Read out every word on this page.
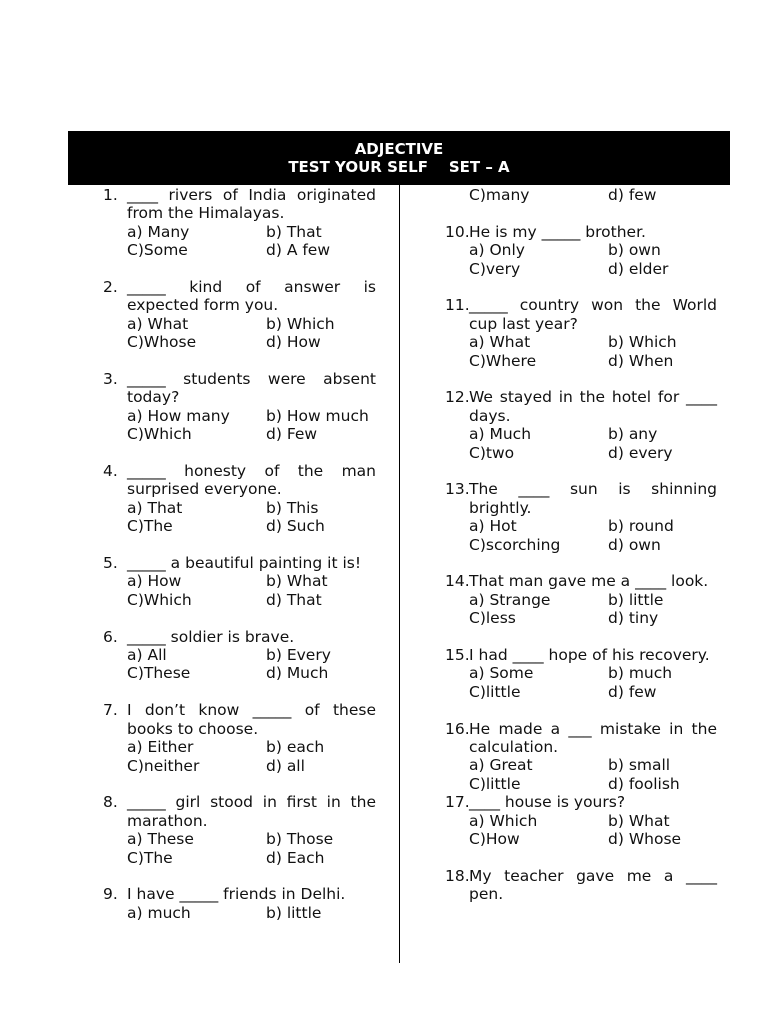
ADJECTIVE
TEST YOUR SELF    SET – A
1. ____ rivers of India originated from the Himalayas.
a) Many	b) That
C)Some	d) A few
2. _____ kind of answer is expected form you.
a) What	b) Which
C)Whose	d) How
3. _____ students were absent today?
a) How many	b) How much
C)Which	d) Few
4. _____ honesty of the man surprised everyone.
a) That	b) This
C)The	d) Such
5. _____ a beautiful painting it is!
a) How	b) What
C)Which	d) That
6. _____ soldier is brave.
a) All	b) Every
C)These	d) Much
7. I don’t know _____ of these books to choose.
a) Either	b) each
C)neither	d) all
8. _____ girl stood in first in the marathon.
a) These	b) Those
C)The	d) Each
9. I have _____ friends in Delhi.
a) much	b) little
C)many	d) few
10. He is my _____ brother.
a) Only	b) own
C)very	d) elder
11. _____ country won the World cup last year?
a) What	b) Which
C)Where	d) When
12. We stayed in the hotel for ____ days.
a) Much	b) any
C)two	d) every
13. The ____ sun is shinning brightly.
a) Hot	b) round
C)scorching	d) own
14. That man gave me a ____ look.
a) Strange	b) little
C)less	d) tiny
15. I had ____ hope of his recovery.
a) Some	b) much
C)little	d) few
16. He made a ___ mistake in the calculation.
a) Great	b) small
C)little	d) foolish
17. ____ house is yours?
a) Which	b) What
C)How	d) Whose
18. My teacher gave me a ____ pen.
